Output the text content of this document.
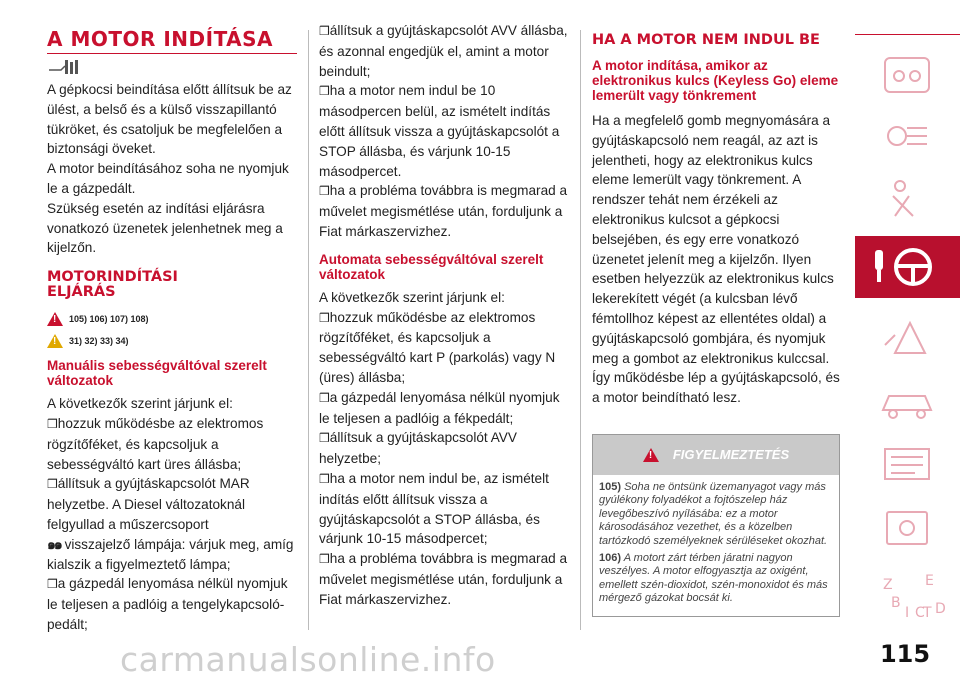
A MOTOR INDÍTÁSA

A gépkocsi beindítása előtt állítsuk be az ülést, a belső és a külső visszapillantó tükröket, és csatoljuk be megfelelően a biztonsági öveket.

A motor beindításához soha ne nyomjuk le a gázpedált.

Szükség esetén az indítási eljárásra vonatkozó üzenetek jelenhetnek meg a kijelzőn.

MOTORINDÍTÁSI ELJÁRÁS
!
105) 106) 107) 108)
!
31) 32) 33) 34)
Manuális sebességváltóval szerelt változatok

A következők szerint járjunk el:

❒hozzuk működésbe az elektromos rögzítőféket, és kapcsoljuk a sebességváltó kart üres állásba;

❒állítsuk a gyújtáskapcsolót MAR helyzetbe. A Diesel változatoknál felgyullad a műszercsoport

๑๑ visszajelző lámpája: várjuk meg, amíg kialszik a figyelmeztető lámpa;

❒a gázpedál lenyomása nélkül nyomjuk le teljesen a padlóig a tengelykapcsoló-pedált;

❒állítsuk a gyújtáskapcsolót AVV állásba, és azonnal engedjük el, amint a motor beindult;

❒ha a motor nem indul be 10 másodpercen belül, az ismételt indítás előtt állítsuk vissza a gyújtáskapcsolót a STOP állásba, és várjunk 10-15 másodpercet.

❒ha a probléma továbbra is megmarad a művelet megismétlése után, forduljunk a Fiat márkaszervizhez.

Automata sebességváltóval szerelt változatok

A következők szerint járjunk el:

❒hozzuk működésbe az elektromos rögzítőféket, és kapcsoljuk a sebességváltó kart P (parkolás) vagy N (üres) állásba;

❒a gázpedál lenyomása nélkül nyomjuk le teljesen a padlóig a fékpedált;

❒állítsuk a gyújtáskapcsolót AVV helyzetbe;

❒ha a motor nem indul be, az ismételt indítás előtt állítsuk vissza a gyújtáskapcsolót a STOP állásba, és várjunk 10-15 másodpercet;

❒ha a probléma továbbra is megmarad a művelet megismétlése után, forduljunk a Fiat márkaszervizhez.

HA A MOTOR NEM INDUL BE
A motor indítása, amikor az elektronikus kulcs (Keyless Go) eleme lemerült vagy tönkrement

Ha a megfelelő gomb megnyomására a gyújtáskapcsoló nem reagál, az azt is jelentheti, hogy az elektronikus kulcs eleme lemerült vagy tönkrement. A rendszer tehát nem érzékeli az elektronikus kulcsot a gépkocsi belsejében, és egy erre vonatkozó üzenetet jelenít meg a kijelzőn. Ilyen esetben helyezzük az elektronikus kulcs lekerekített végét (a kulcsban lévő fémtollhoz képest az ellentétes oldal) a gyújtáskapcsoló gombjára, és nyomjuk meg a gombot az elektronikus kulccsal. Így működésbe lép a gyújtáskapcsoló, és a motor beindítható lesz.

!
FIGYELMEZTETÉS
105) Soha ne öntsünk üzemanyagot vagy más gyúlékony folyadékot a fojtószelep ház levegőbeszívó nyílásába: ez a motor károsodásához vezethet, és a közelben tartózkodó személyeknek sérüléseket okozhat.
106) A motort zárt térben járatni nagyon veszélyes. A motor elfogyasztja az oxigént, emellett szén-dioxidot, szén-monoxidot és más mérgező gázokat bocsát ki.
Z E
B
I C
T D
115
carmanualsonline.info
